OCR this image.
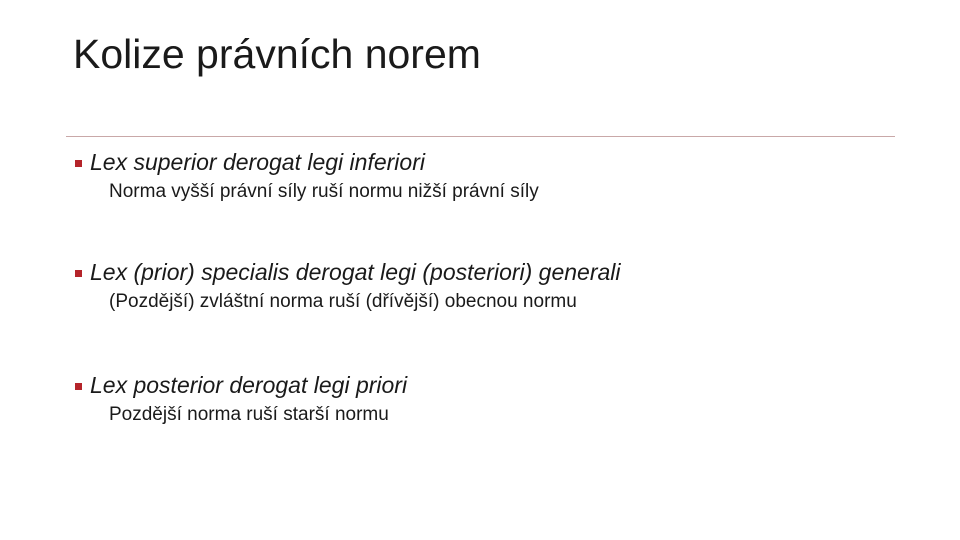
Kolize právních norem
Lex superior derogat legi inferiori
Norma vyšší právní síly ruší normu nižší právní síly
Lex (prior) specialis derogat legi (posteriori) generali
(Pozdější) zvláštní norma ruší (dřívější) obecnou normu
Lex posterior derogat legi priori
Pozdější norma ruší starší normu
